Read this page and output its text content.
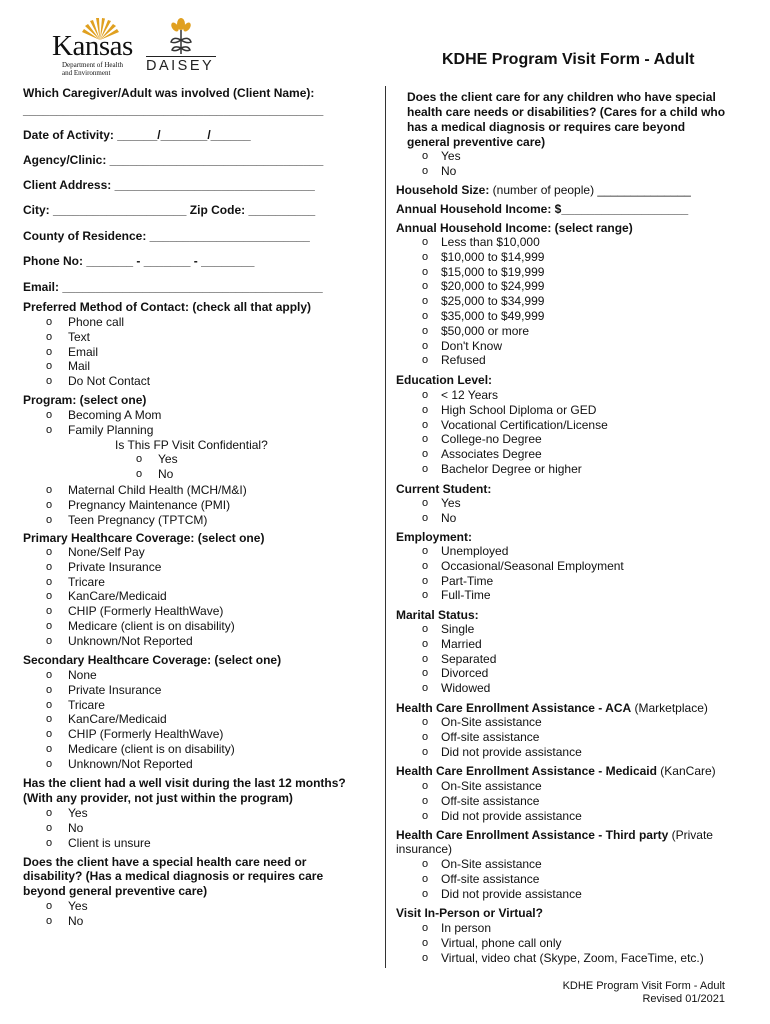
Kansas
Department of Health
and Environment DAISEY	KDHE Program Visit Form - Adult
Which Caregiver/Adult was involved (Client Name):
_____________________________________________
Date of Activity: ______/_______/______
Agency/Clinic: ________________________________
Client Address: ______________________________
City: ____________________ Zip Code: __________
County of Residence: ________________________
Phone No: _______ - _______ - ________
Email: _______________________________________
Preferred Method of Contact: (check all that apply)
o Phone call
o Text
o Email
o Mail
o Do Not Contact
Program: (select one)
o Becoming A Mom
o Family Planning
Is This FP Visit Confidential?
o Yes
o No
o Maternal Child Health (MCH/M&I)
o Pregnancy Maintenance (PMI)
o Teen Pregnancy (TPTCM)
Primary Healthcare Coverage: (select one)
o None/Self Pay
o Private Insurance
o Tricare
o KanCare/Medicaid
o CHIP (Formerly HealthWave)
o Medicare (client is on disability)
o Unknown/Not Reported
Secondary Healthcare Coverage: (select one)
o None
o Private Insurance
o Tricare
o KanCare/Medicaid
o CHIP (Formerly HealthWave)
o Medicare (client is on disability)
o Unknown/Not Reported
Has the client had a well visit during the last 12 months?
(With any provider, not just within the program)
o Yes
o No
o Client is unsure
Does the client have a special health care need or
disability? (Has a medical diagnosis or requires care
beyond general preventive care)
o Yes
o No
Does the client care for any children who have special
health care needs or disabilities? (Cares for a child who
has a medical diagnosis or requires care beyond
general preventive care)
o Yes
o No
Household Size: (number of people) ______________
Annual Household Income: $___________________
Annual Household Income: (select range)
o Less than $10,000
o $10,000 to $14,999
o $15,000 to $19,999
o $20,000 to $24,999
o $25,000 to $34,999
o $35,000 to $49,999
o $50,000 or more
o Don't Know
o Refused
Education Level:
o < 12 Years
o High School Diploma or GED
o Vocational Certification/License
o College-no Degree
o Associates Degree
o Bachelor Degree or higher
Current Student:
o Yes
o No
Employment:
o Unemployed
o Occasional/Seasonal Employment
o Part-Time
o Full-Time
Marital Status:
o Single
o Married
o Separated
o Divorced
o Widowed
Health Care Enrollment Assistance - ACA (Marketplace)
o On-Site assistance
o Off-site assistance
o Did not provide assistance
Health Care Enrollment Assistance - Medicaid (KanCare)
o On-Site assistance
o Off-site assistance
o Did not provide assistance
Health Care Enrollment Assistance - Third party (Private
insurance)
o On-Site assistance
o Off-site assistance
o Did not provide assistance
Visit In-Person or Virtual?
o In person
o Virtual, phone call only
o Virtual, video chat (Skype, Zoom, FaceTime, etc.)
KDHE Program Visit Form - Adult
Revised 01/2021
